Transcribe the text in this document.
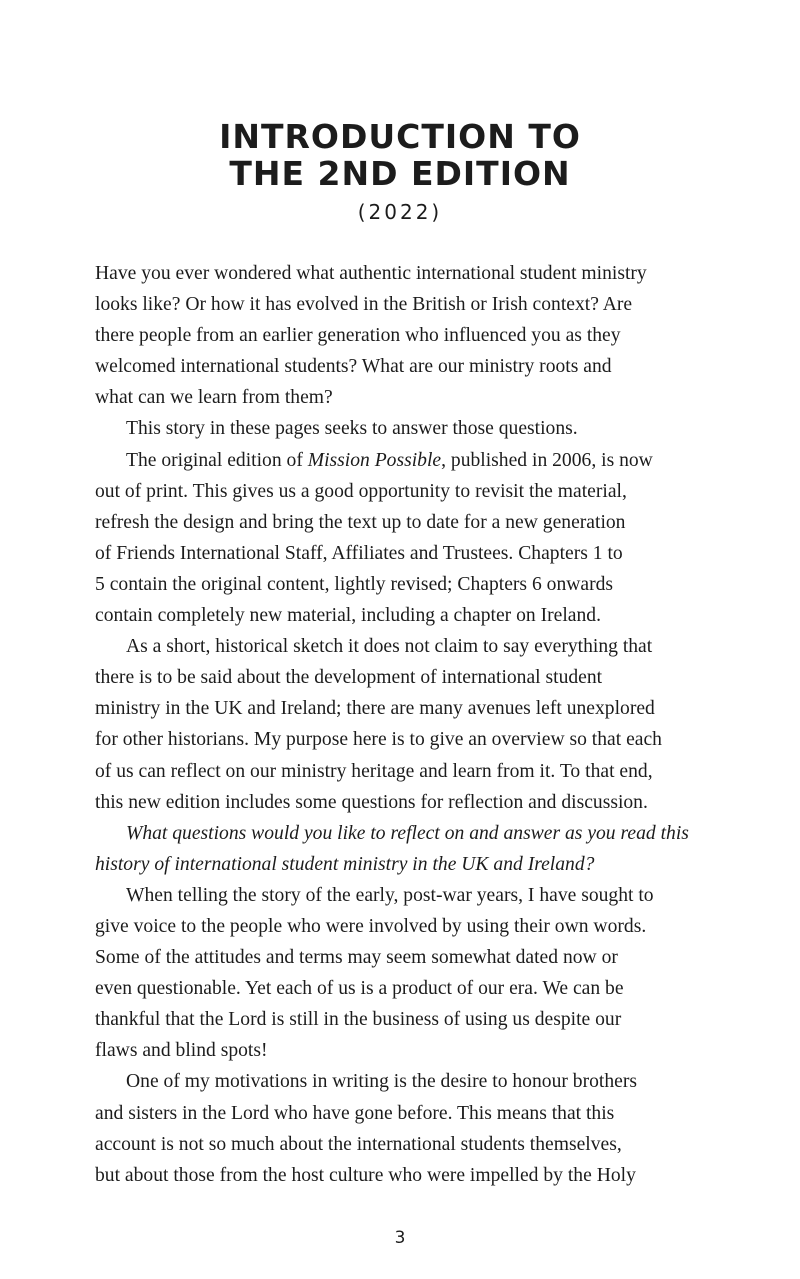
INTRODUCTION TO
THE 2ND EDITION
(2022)
Have you ever wondered what authentic international student ministry
looks like? Or how it has evolved in the British or Irish context? Are
there people from an earlier generation who influenced you as they
welcomed international students? What are our ministry roots and
what can we learn from them?
This story in these pages seeks to answer those questions.
The original edition of Mission Possible, published in 2006, is now
out of print. This gives us a good opportunity to revisit the material,
refresh the design and bring the text up to date for a new generation
of Friends International Staff, Affiliates and Trustees. Chapters 1 to
5 contain the original content, lightly revised; Chapters 6 onwards
contain completely new material, including a chapter on Ireland.
As a short, historical sketch it does not claim to say everything that
there is to be said about the development of international student
ministry in the UK and Ireland; there are many avenues left unexplored
for other historians. My purpose here is to give an overview so that each
of us can reflect on our ministry heritage and learn from it. To that end,
this new edition includes some questions for reflection and discussion.
What questions would you like to reflect on and answer as you read this
history of international student ministry in the UK and Ireland?
When telling the story of the early, post-war years, I have sought to
give voice to the people who were involved by using their own words.
Some of the attitudes and terms may seem somewhat dated now or
even questionable. Yet each of us is a product of our era. We can be
thankful that the Lord is still in the business of using us despite our
flaws and blind spots!
One of my motivations in writing is the desire to honour brothers
and sisters in the Lord who have gone before. This means that this
account is not so much about the international students themselves,
but about those from the host culture who were impelled by the Holy
3
